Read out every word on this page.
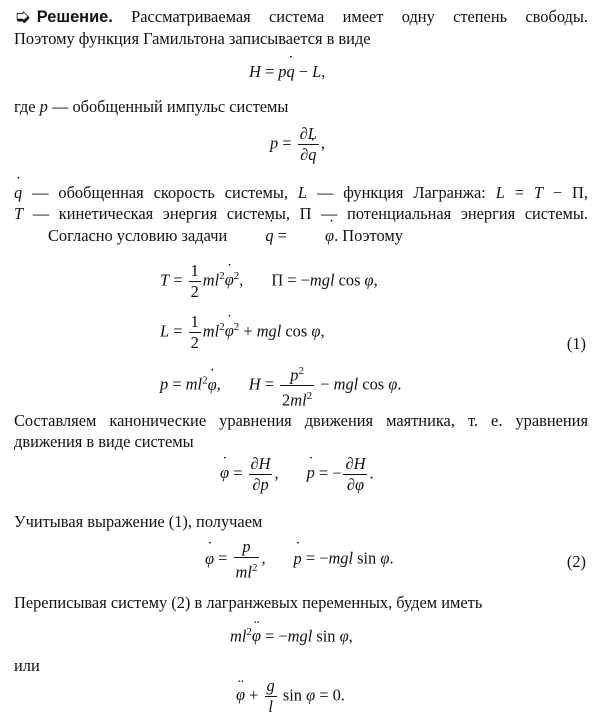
➭ Решение. Рассматриваемая система имеет одну степень свободы.

Поэтому функция Гамильтона записывается в виде

H = pq ˙ − L,

где p — обобщенный импульс системы

$p = \frac{\partial L}{\partial q}$ ˙ ,

q ˙ — обобщенная скорость системы, L — функция Лагранжа: L = T − Π,

T — кинетическая энергия системы, Π — потенциальная энергия системы.

Согласно условию задачи q ˙ = φ ˙. Поэтому

$T = \frac{1}{2} ml^2\varphi$ ˙$^2$, Π = −mgl cos φ,
$L = \frac{1}{2} ml^2\varphi$ ˙$^2$ + mgl cos φ,
(1)
$p = ml^2\varphi$ ˙, $H = \frac{p^2}{2ml^2}$ − mgl cos φ.

Составляем канонические уравнения движения маятника, т. е. уравнения

движения в виде системы

φ ˙ = $\frac{\partial H}{\partial p}$ , p ˙ = − $\frac{\partial H}{\partial\varphi}$ .

Учитывая выражение (1), получаем

φ ˙ = $\frac{p}{ml^2}$ , p ˙ = −mgl sin φ.	(2)

Переписывая систему (2) в лагранжевых переменных, будем иметь

$ml^2\varphi$ ¨ = −mgl sin φ,

или

φ ¨ + $\frac{g}{l}$ sin φ = 0.
